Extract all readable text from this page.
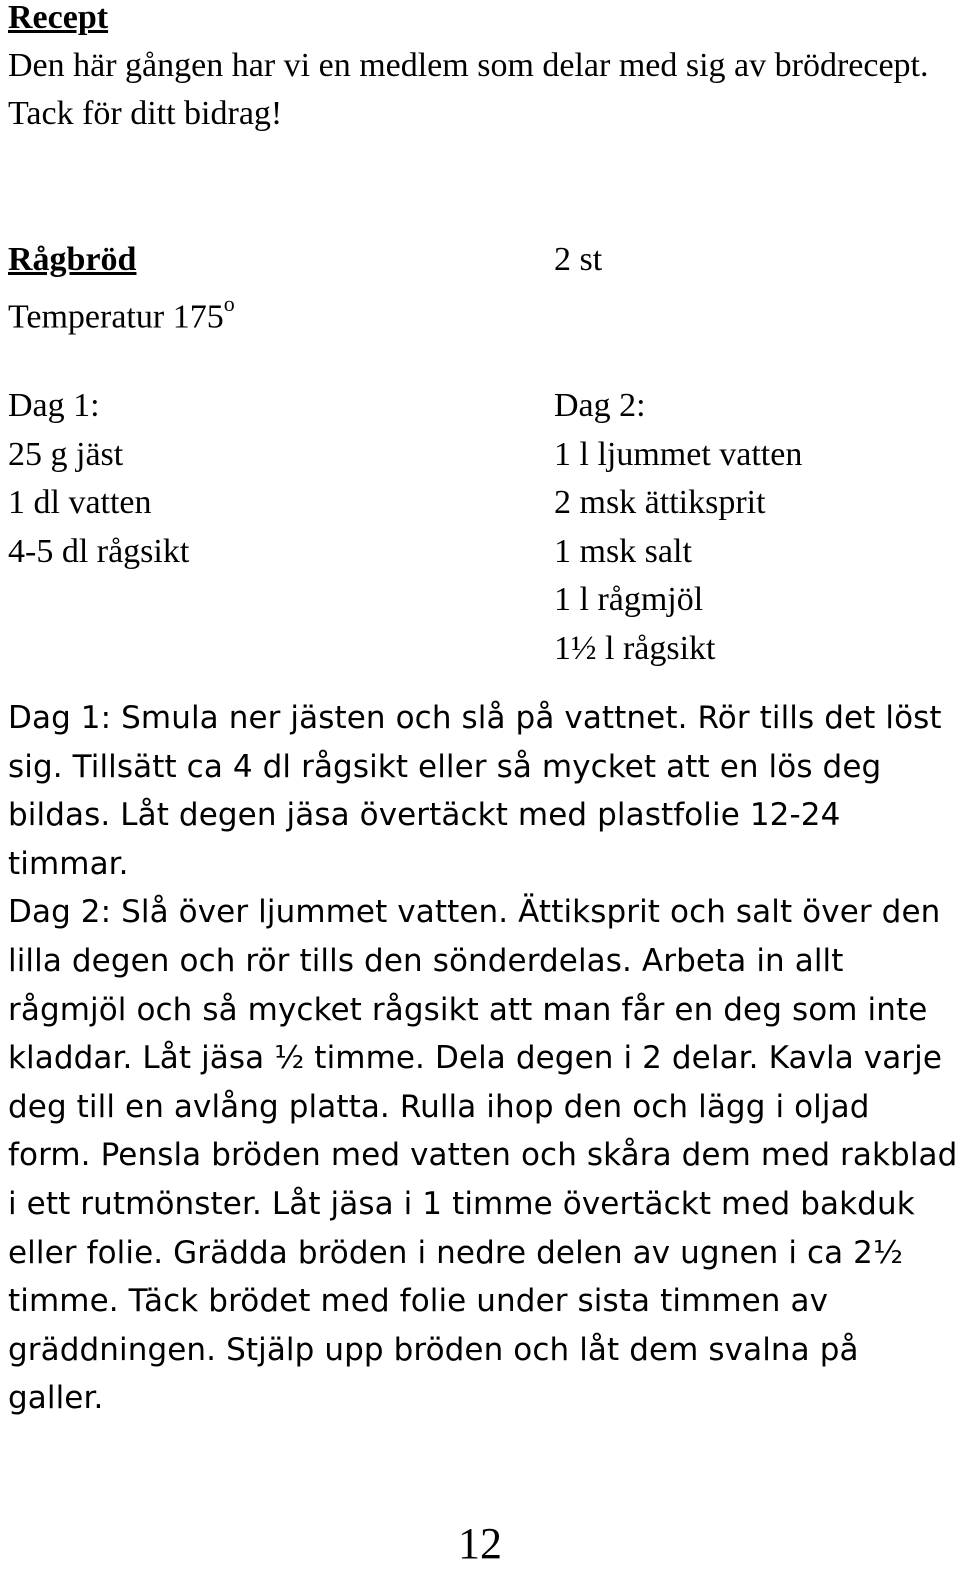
Recept
Den här gången har vi en medlem som delar med sig av brödrecept. Tack för ditt bidrag!
Rågbröd	2 st
Temperatur 175$^o$
Dag 1:
25 g jäst
1 dl vatten
4-5 dl rågsikt
Dag 2:
1 l ljummet vatten
2 msk ättiksprit
1 msk salt
1 l rågmjöl
1½ l rågsikt

Dag 1: Smula ner jästen och slå på vattnet. Rör tills det löst sig. Tillsätt ca 4 dl rågsikt eller så mycket att en lös deg bildas. Låt degen jäsa övertäckt med plastfolie 12-24 timmar.

Dag 2: Slå över ljummet vatten. Ättiksprit och salt över den lilla degen och rör tills den sönderdelas. Arbeta in allt rågmjöl och så mycket rågsikt att man får en deg som inte kladdar. Låt jäsa ½ timme. Dela degen i 2 delar. Kavla varje deg till en avlång platta. Rulla ihop den och lägg i oljad form. Pensla bröden med vatten och skåra dem med rakblad i ett rutmönster. Låt jäsa i 1 timme övertäckt med bakduk eller folie. Grädda bröden i nedre delen av ugnen i ca 2½ timme. Täck brödet med folie under sista timmen av gräddningen. Stjälp upp bröden och låt dem svalna på galler.

12
